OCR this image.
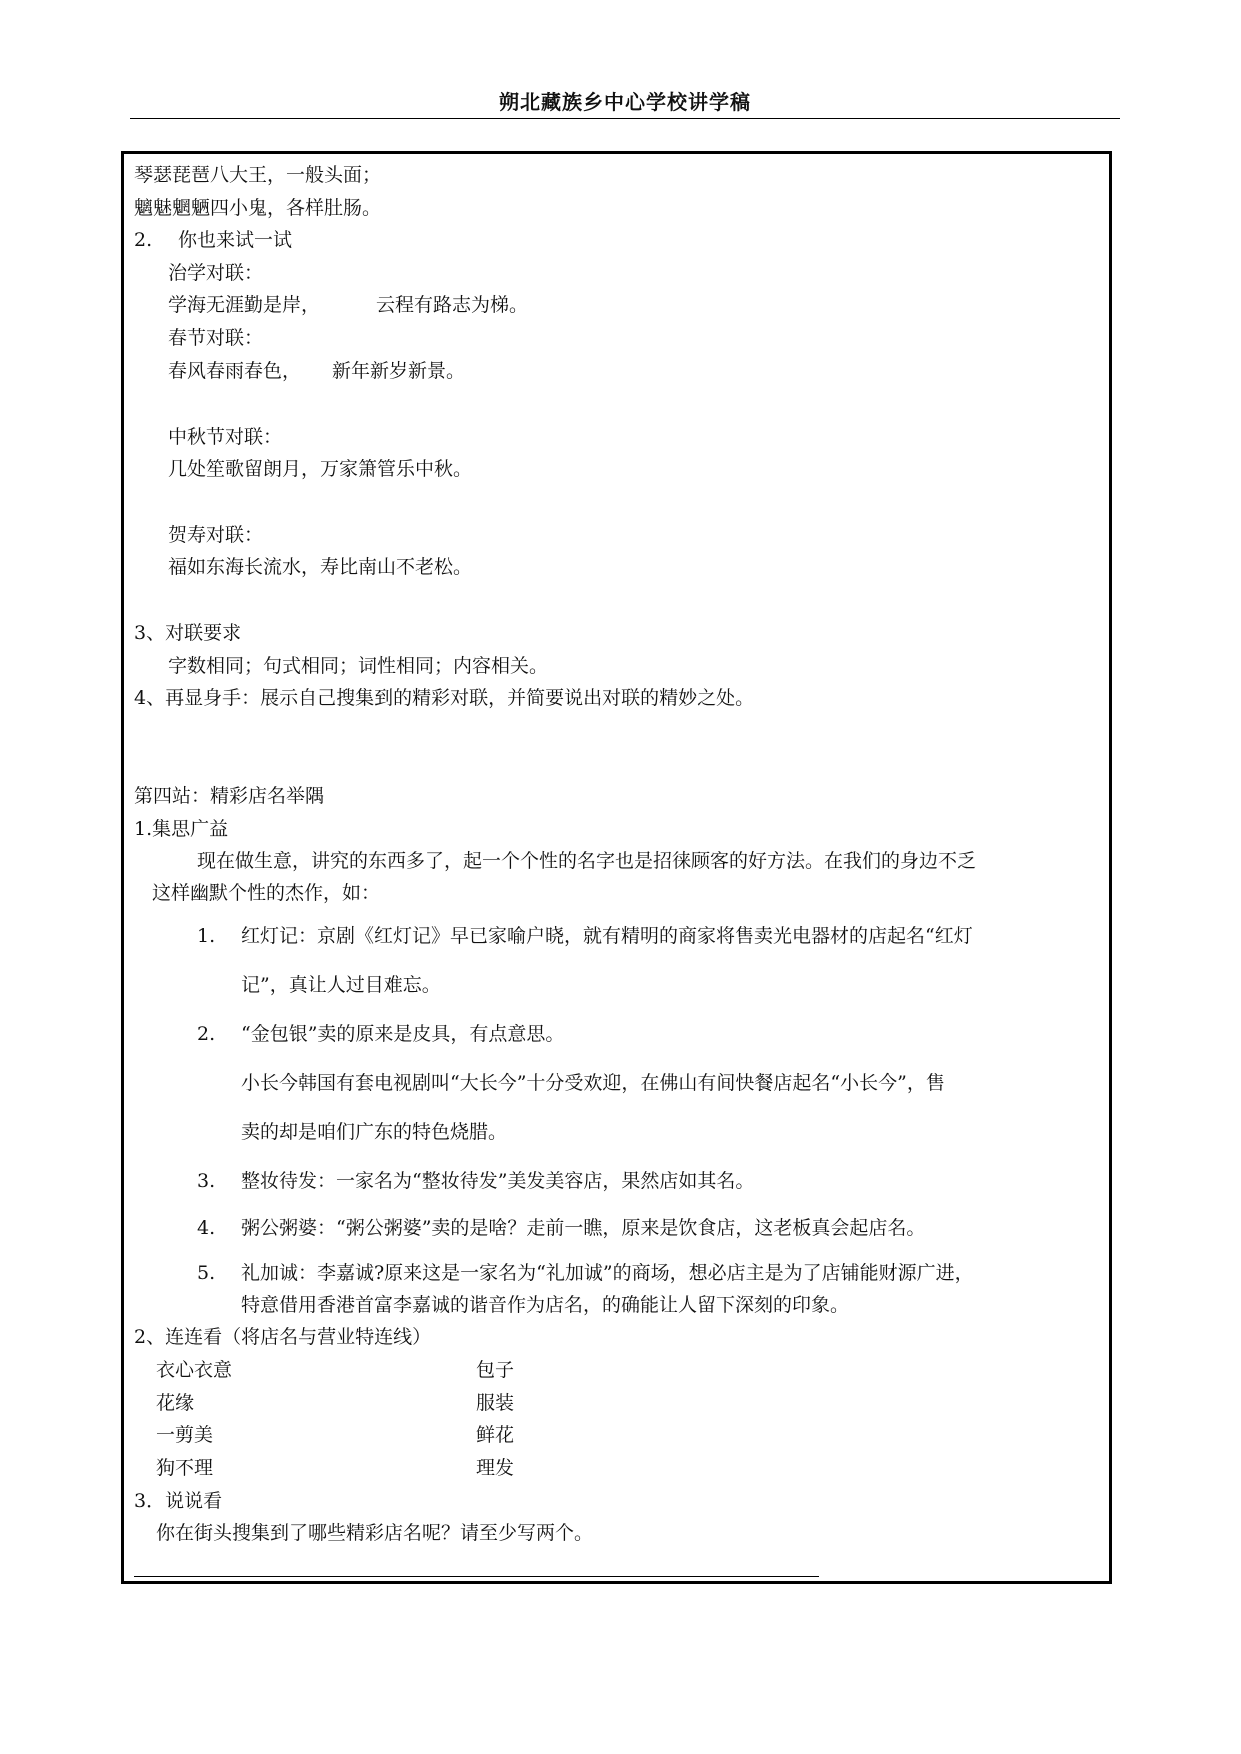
朔北藏族乡中心学校讲学稿
琴瑟琵琶八大王，一般头面；
魑魅魍魉四小鬼，各样肚肠。
2. 你也来试一试
治学对联：
学海无涯勤是岸，	云程有路志为梯。
春节对联：
春风春雨春色， 新年新岁新景。
中秋节对联：
几处笙歌留朗月，万家箫管乐中秋。
贺寿对联：
福如东海长流水，寿比南山不老松。
3、对联要求
字数相同；句式相同；词性相同；内容相关。
4、再显身手：展示自己搜集到的精彩对联，并简要说出对联的精妙之处。
第四站：精彩店名举隅
1.集思广益
现在做生意，讲究的东西多了，起一个个性的名字也是招徕顾客的好方法。在我们的身边不乏
这样幽默个性的杰作，如：
1. 红灯记：京剧《红灯记》早已家喻户晓，就有精明的商家将售卖光电器材的店起名“红灯
记”，真让人过目难忘。
2. “金包银”卖的原来是皮具，有点意思。
小长今韩国有套电视剧叫“大长今”十分受欢迎，在佛山有间快餐店起名“小长今”，售
卖的却是咱们广东的特色烧腊。
3. 整妆待发：一家名为“整妆待发”美发美容店，果然店如其名。
4. 粥公粥婆：“粥公粥婆”卖的是啥？走前一瞧，原来是饮食店，这老板真会起店名。
5. 礼加诚：李嘉诚?原来这是一家名为“礼加诚”的商场，想必店主是为了店铺能财源广进，
特意借用香港首富李嘉诚的谐音作为店名，的确能让人留下深刻的印象。
2、连连看（将店名与营业特连线）
衣心衣意	包子
花缘	服装
一剪美	鲜花
狗不理	理发
3．说说看
你在街头搜集到了哪些精彩店名呢？请至少写两个。
